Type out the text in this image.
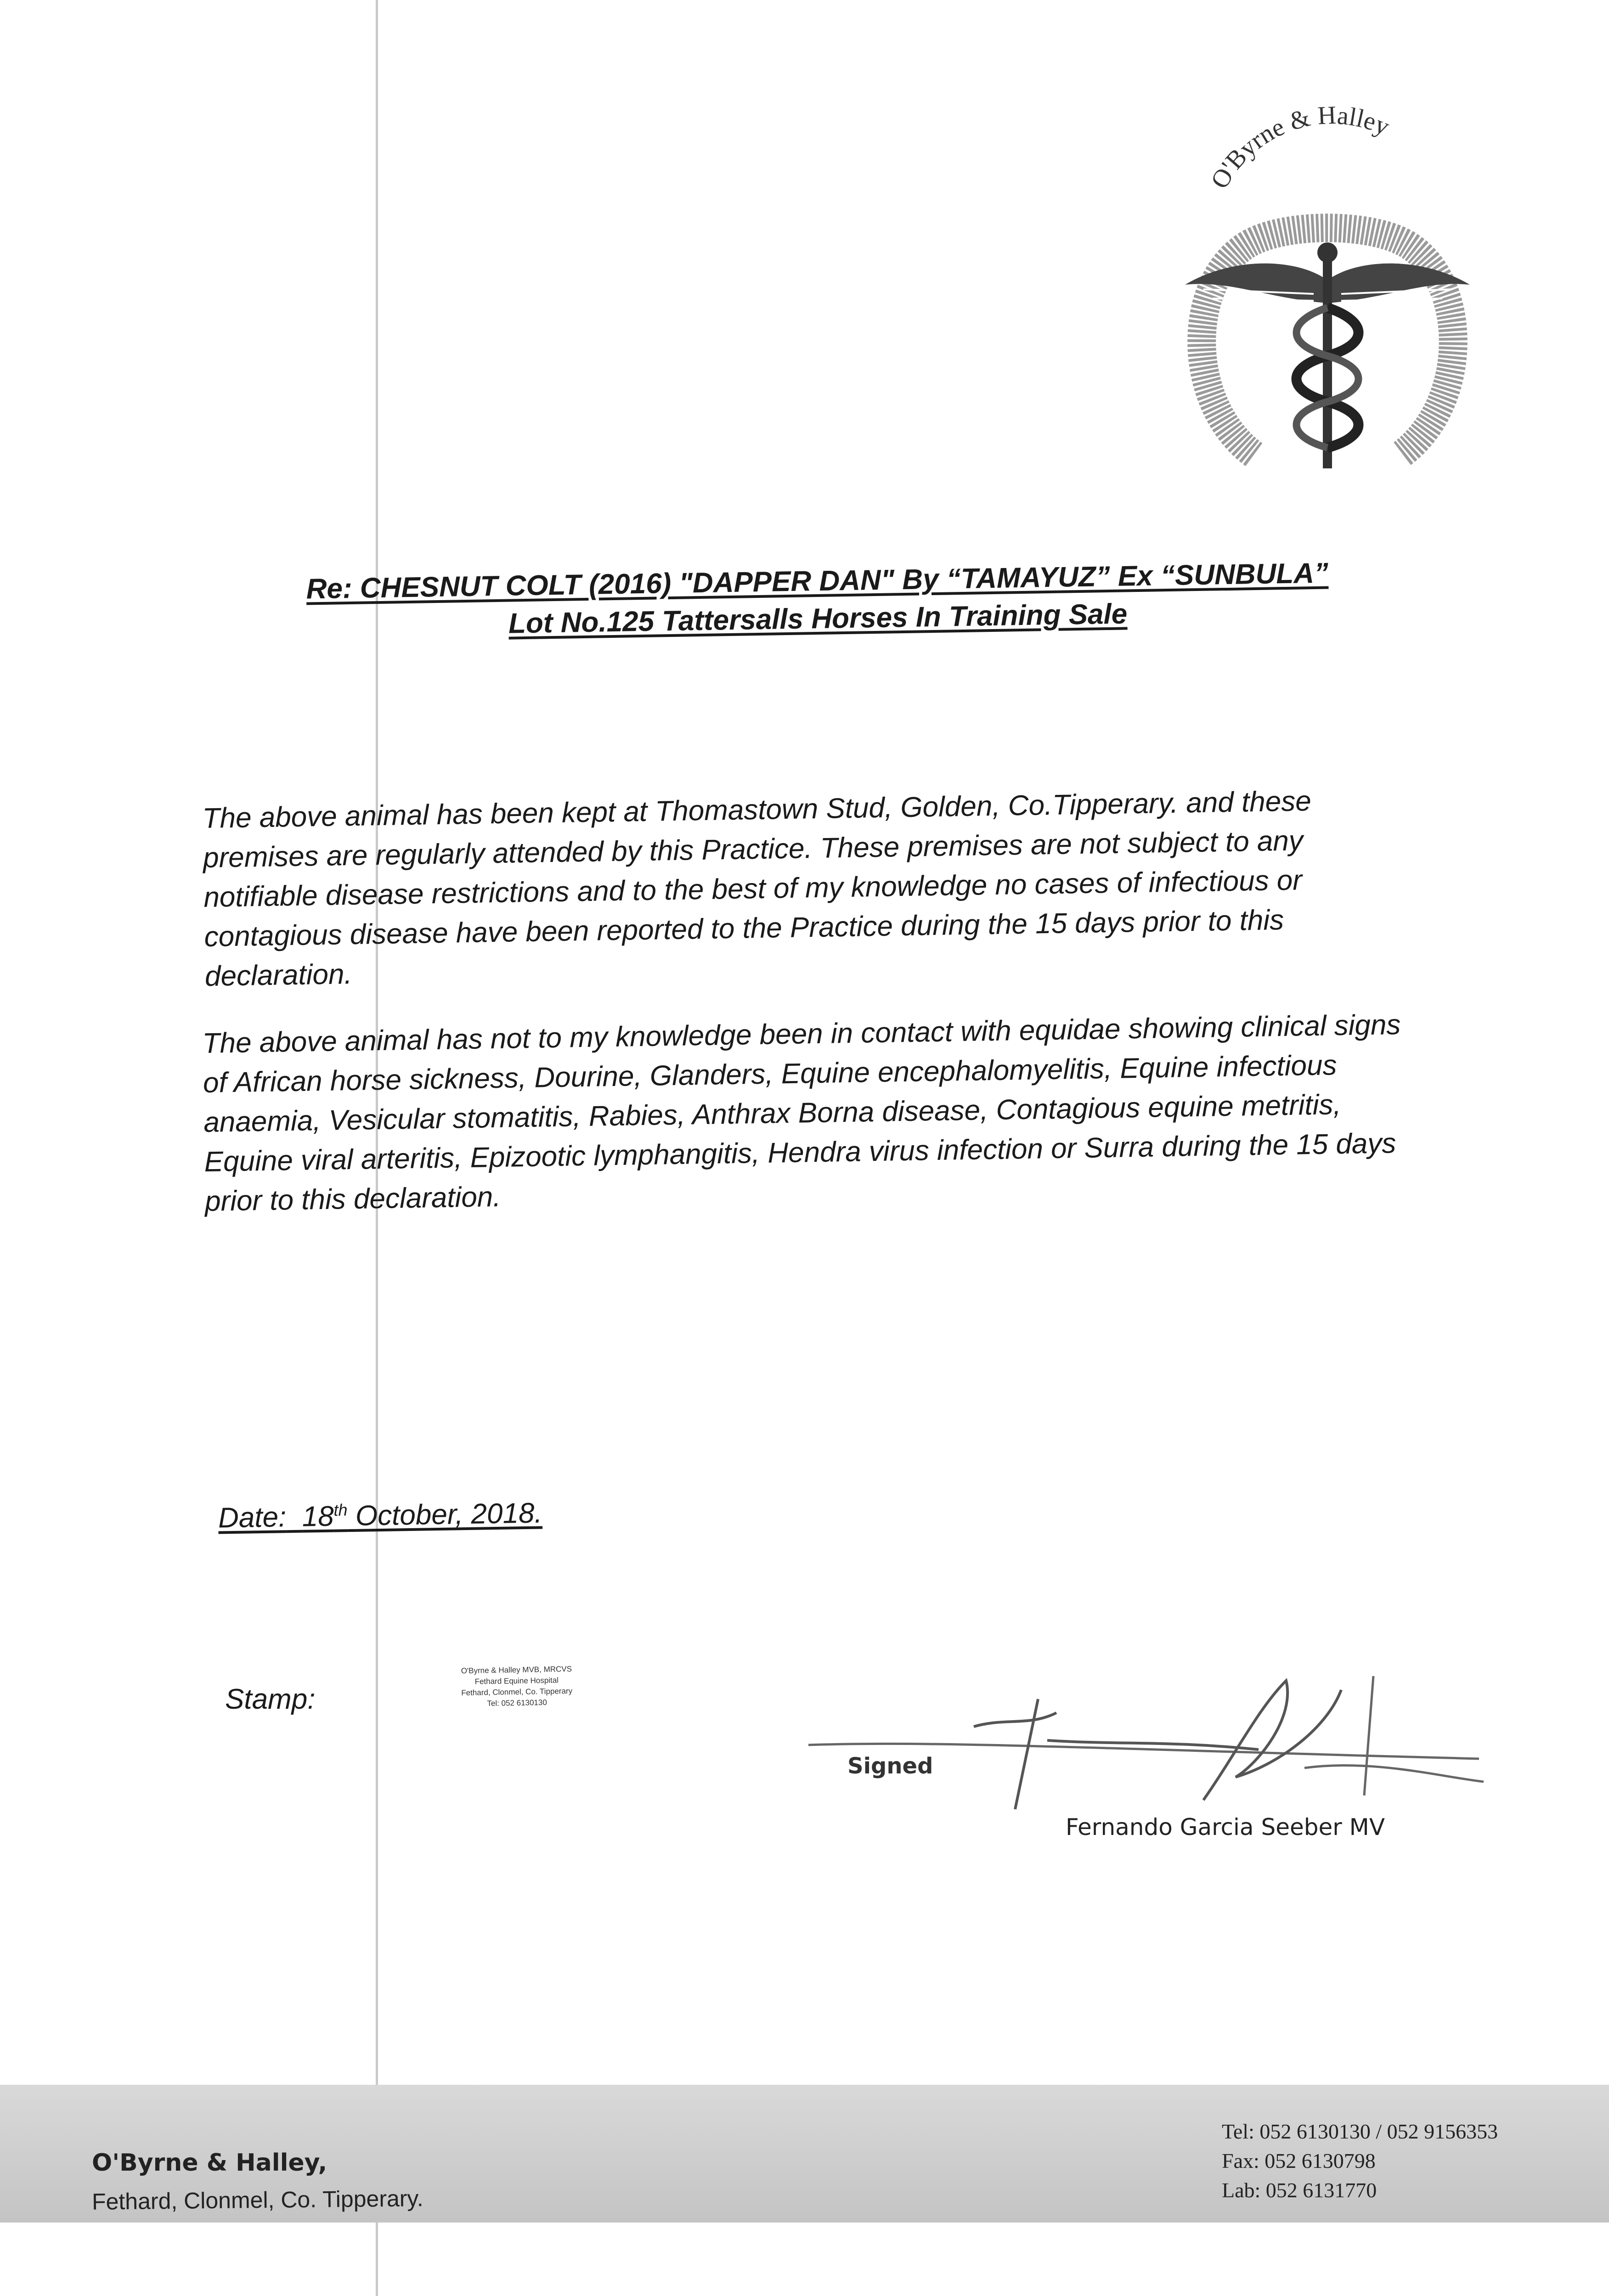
O'Byrne & Halley
Re: CHESNUT COLT (2016) "DAPPER DAN" By “TAMAYUZ” Ex “SUNBULA”
Lot No.125 Tattersalls Horses In Training Sale
The above animal has been kept at Thomastown Stud, Golden, Co.Tipperary. and these premises are regularly attended by this Practice. These premises are not subject to any notifiable disease restrictions and to the best of my knowledge no cases of infectious or contagious disease have been reported to the Practice during the 15 days prior to this declaration.
The above animal has not to my knowledge been in contact with equidae showing clinical signs of African horse sickness, Dourine, Glanders, Equine encephalomyelitis, Equine infectious anaemia, Vesicular stomatitis, Rabies, Anthrax Borna disease, Contagious equine metritis, Equine viral arteritis, Epizootic lymphangitis, Hendra virus infection or Surra during the 15 days prior to this declaration.
Date: 18th October, 2018.
Stamp:
O'Byrne & Halley MVB, MRCVS
Fethard Equine Hospital
Fethard, Clonmel, Co. Tipperary
Tel: 052 6130130
Signed
Fernando Garcia Seeber MV
O'Byrne & Halley,
Fethard, Clonmel, Co. Tipperary.
Tel: 052 6130130 / 052 9156353
Fax: 052 6130798
Lab: 052 6131770
